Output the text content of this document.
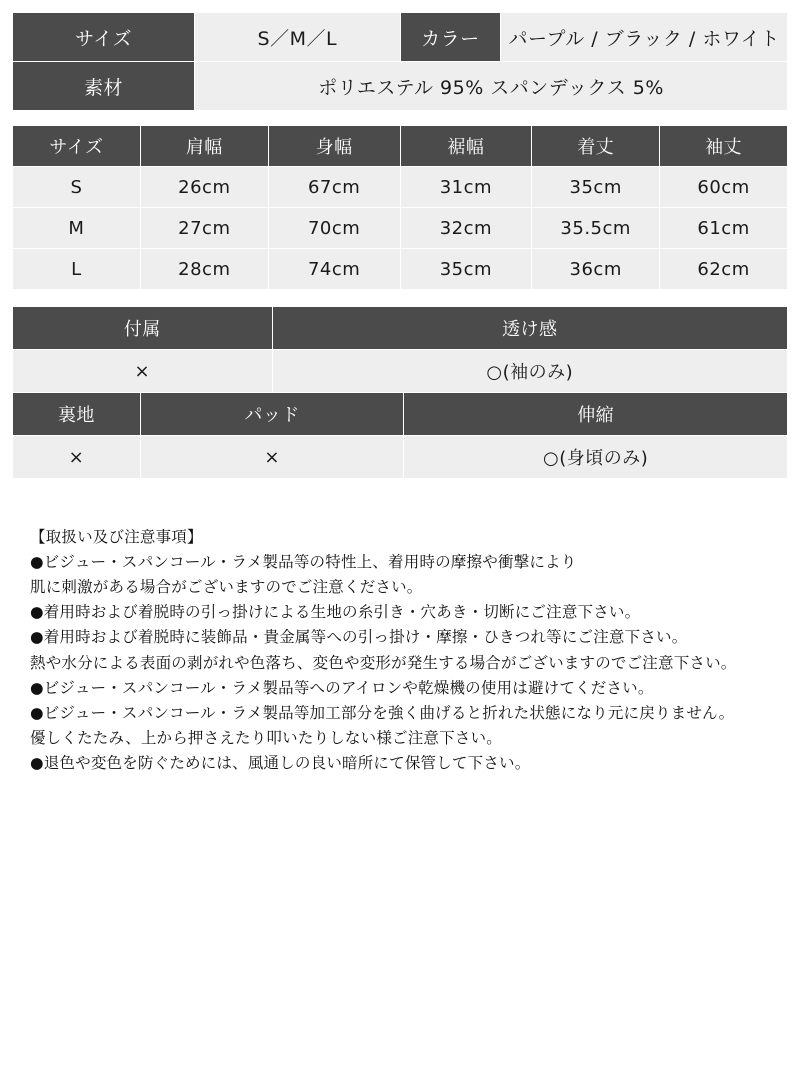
サイズ	S／M／L	カラー	パープル / ブラック / ホワイト
素材	ポリエステル 95% スパンデックス 5%		
サイズ	肩幅	身幅	裾幅	着丈	袖丈
S	26cm	67cm	31cm	35cm	60cm
M	27cm	70cm	32cm	35.5cm	61cm
L	28cm	74cm	35cm	36cm	62cm
付属		透け感	
×		○(袖のみ)	
裏地	パッド		伸縮
×	×		○(身頃のみ)
【取扱い及び注意事項】
●ビジュー・スパンコール・ラメ製品等の特性上、着用時の摩擦や衝撃により
肌に刺激がある場合がございますのでご注意ください。
●着用時および着脱時の引っ掛けによる生地の糸引き・穴あき・切断にご注意下さい。
●着用時および着脱時に装飾品・貴金属等への引っ掛け・摩擦・ひきつれ等にご注意下さい。
熱や水分による表面の剥がれや色落ち、変色や変形が発生する場合がございますのでご注意下さい。
●ビジュー・スパンコール・ラメ製品等へのアイロンや乾燥機の使用は避けてください。
●ビジュー・スパンコール・ラメ製品等加工部分を強く曲げると折れた状態になり元に戻りません。
優しくたたみ、上から押さえたり叩いたりしない様ご注意下さい。
●退色や変色を防ぐためには、風通しの良い暗所にて保管して下さい。
